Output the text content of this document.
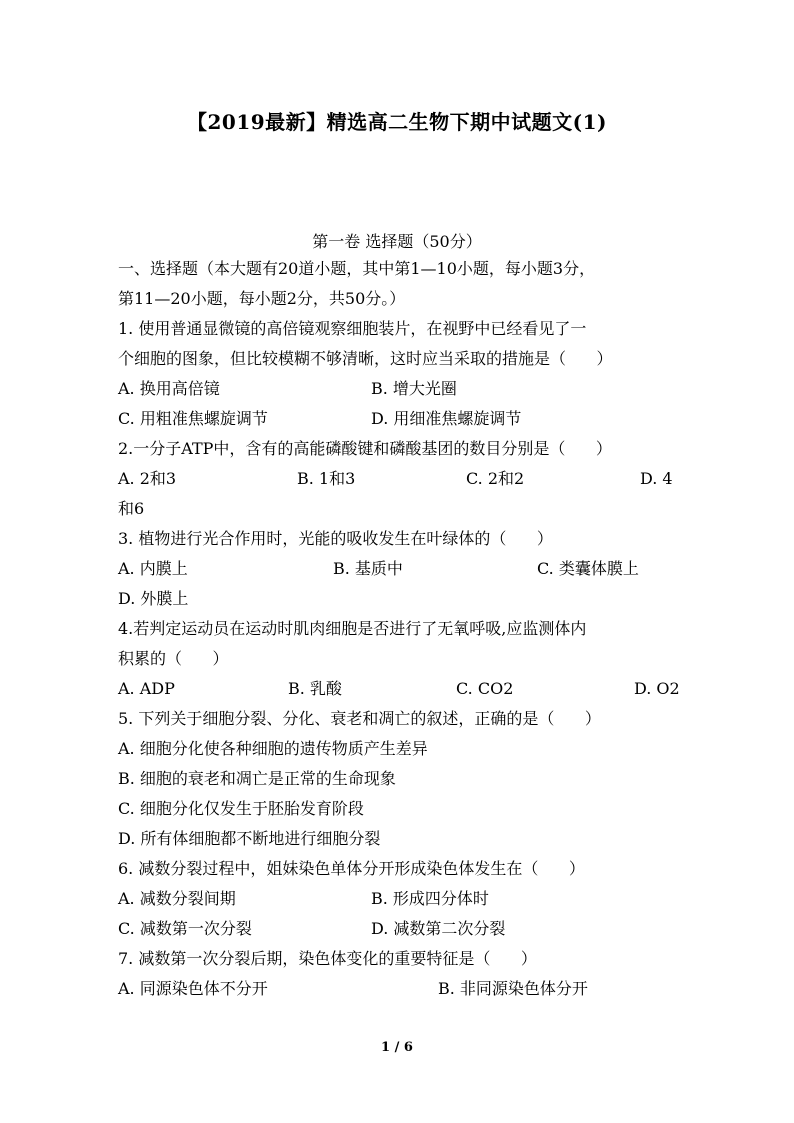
【2019最新】精选高二生物下期中试题文(1)
第一卷 选择题（50分）
一、选择题（本大题有20道小题，其中第1—10小题，每小题3分，
第11—20小题，每小题2分，共50分。）
1. 使用普通显微镜的高倍镜观察细胞装片，在视野中已经看见了一
个细胞的图象，但比较模糊不够清晰，这时应当采取的措施是（      ）
A. 换用高倍镜	B. 增大光圈
C. 用粗准焦螺旋调节	D. 用细准焦螺旋调节
2.一分子ATP中，含有的高能磷酸键和磷酸基团的数目分别是（      ）
A. 2和3	B. 1和3	C. 2和2	D. 4
和6
3. 植物进行光合作用时，光能的吸收发生在叶绿体的（      ）
A. 内膜上	B. 基质中	C. 类囊体膜上
D. 外膜上
4.若判定运动员在运动时肌肉细胞是否进行了无氧呼吸,应监测体内
积累的（      ）
A. ADP	B. 乳酸	C. CO2	D. O2
5. 下列关于细胞分裂、分化、衰老和凋亡的叙述，正确的是（      ）
A. 细胞分化使各种细胞的遗传物质产生差异
B. 细胞的衰老和凋亡是正常的生命现象
C. 细胞分化仅发生于胚胎发育阶段
D. 所有体细胞都不断地进行细胞分裂
6. 减数分裂过程中，姐妹染色单体分开形成染色体发生在（      ）
A. 减数分裂间期	B. 形成四分体时
C. 减数第一次分裂	D. 减数第二次分裂
7. 减数第一次分裂后期，染色体变化的重要特征是（      ）
A. 同源染色体不分开	B. 非同源染色体分开
1 / 6
